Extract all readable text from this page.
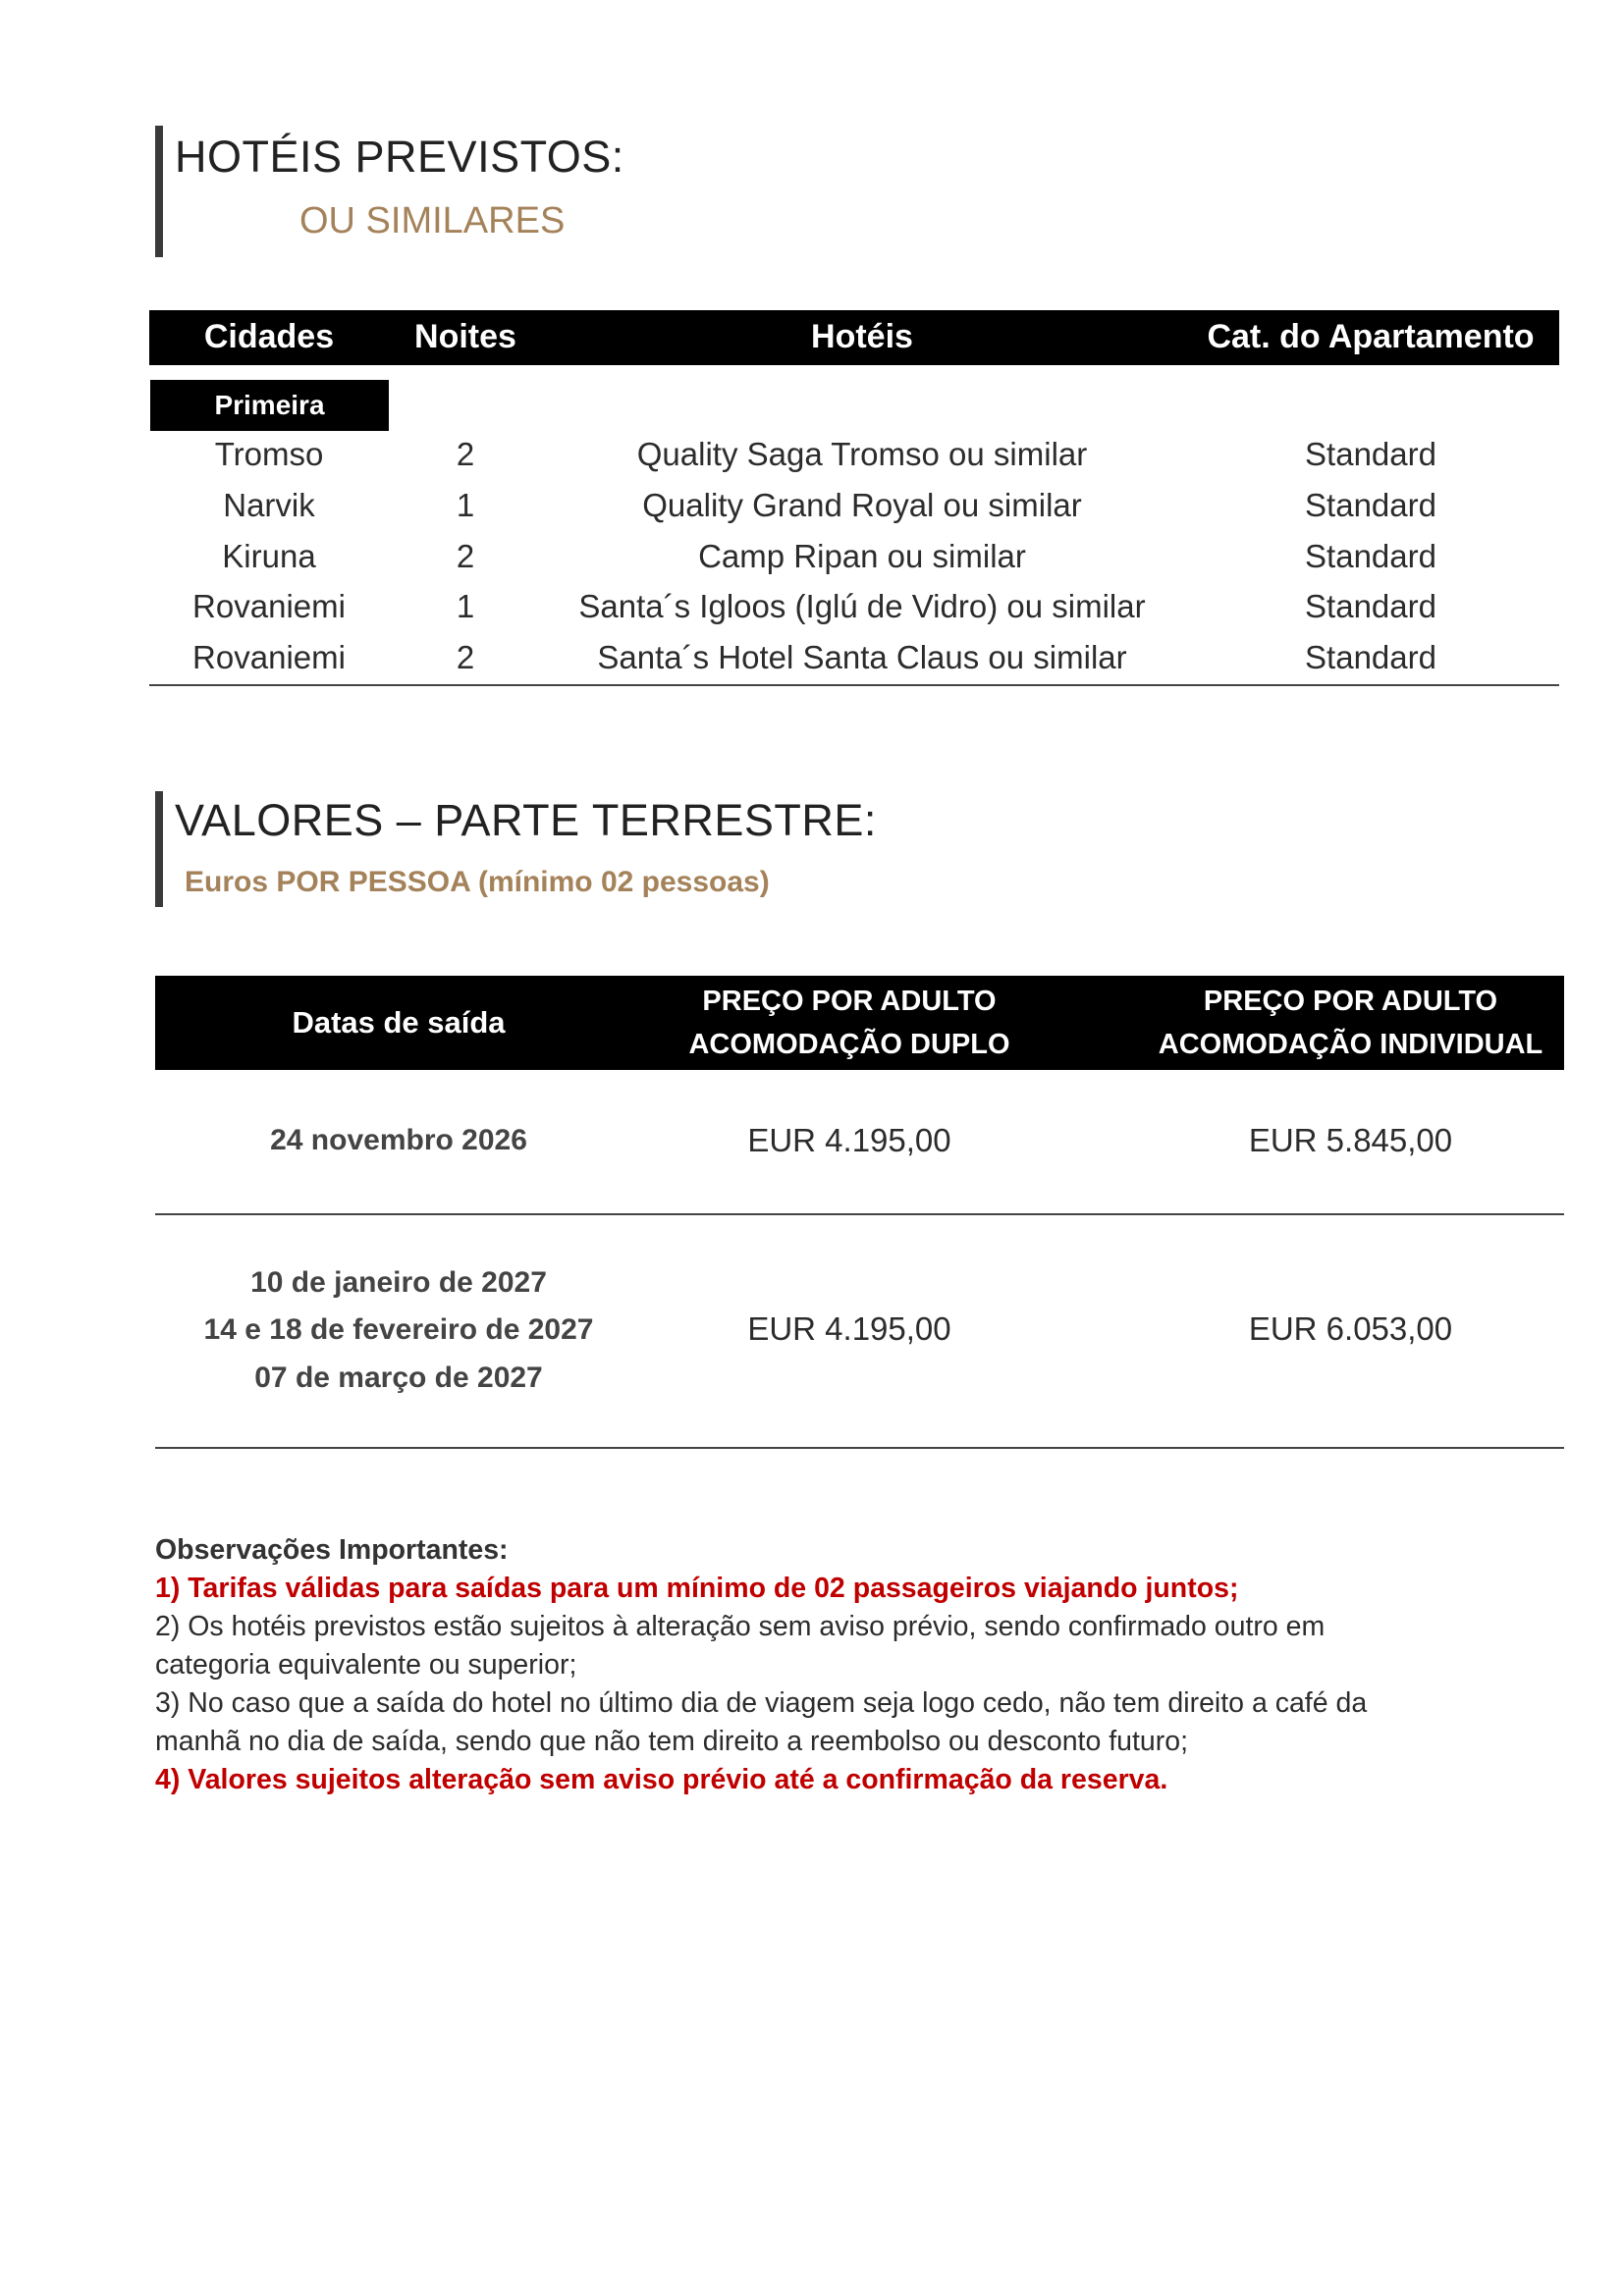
HOTÉIS PREVISTOS:
OU SIMILARES
Cidades	Noites	Hotéis	Cat. do Apartamento
Primeira
Tromso	2	Quality Saga Tromso ou similar	Standard
Narvik	1	Quality Grand Royal ou similar	Standard
Kiruna	2	Camp Ripan ou similar	Standard
Rovaniemi	1	Santa´s Igloos (Iglú de Vidro) ou similar	Standard
Rovaniemi	2	Santa´s Hotel Santa Claus ou similar	Standard
VALORES – PARTE TERRESTRE:
Euros POR PESSOA (mínimo 02 pessoas)
Datas de saída
PREÇO POR ADULTO
ACOMODAÇÃO DUPLO
PREÇO POR ADULTO
ACOMODAÇÃO INDIVIDUAL
24 novembro 2026	EUR 4.195,00	EUR 5.845,00
10 de janeiro de 2027
14 e 18 de fevereiro de 2027
07 de março de 2027
EUR 4.195,00	EUR 6.053,00
Observações Importantes:
1) Tarifas válidas para saídas para um mínimo de 02 passageiros viajando juntos;
2) Os hotéis previstos estão sujeitos à alteração sem aviso prévio, sendo confirmado outro em
categoria equivalente ou superior;
3) No caso que a saída do hotel no último dia de viagem seja logo cedo, não tem direito a café da
manhã no dia de saída, sendo que não tem direito a reembolso ou desconto futuro;
4) Valores sujeitos alteração sem aviso prévio até a confirmação da reserva.
